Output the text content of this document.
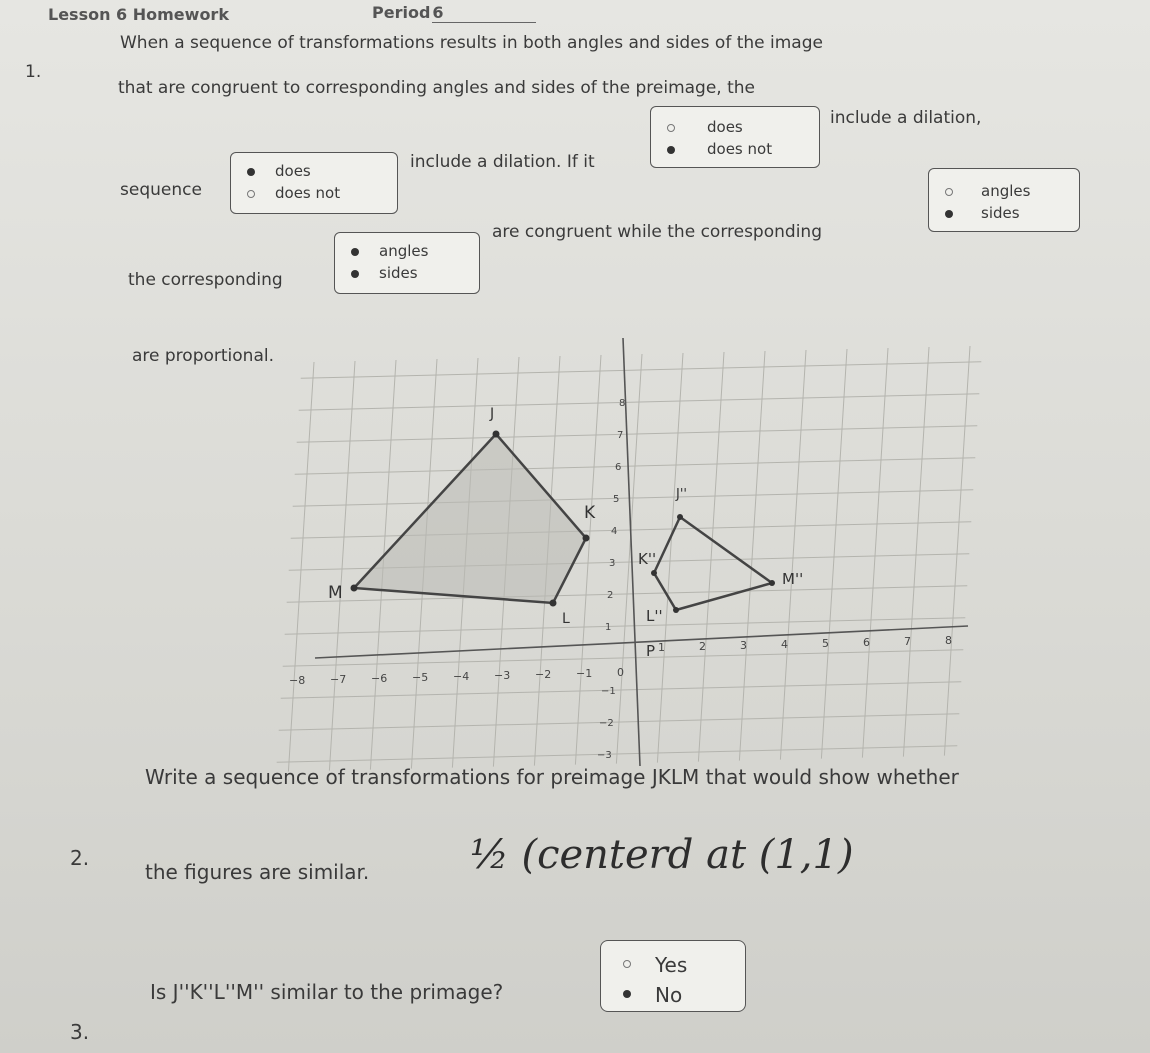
Lesson 6 Homework	Period 6
1.
When a sequence of transformations results in both angles and sides of the image
that are congruent to corresponding angles and sides of the preimage, the
sequence
does
does not
include a dilation. If it
does
does not
include a dilation,
the corresponding
angles
sides
are congruent while the corresponding
angles
sides
are proportional.
−8 −7 −6 −5 −4 −3 −2 −1 0
1	2	3	4	5	6	7	8
−3
−2
−1
1
2
3
4
5
6
7
8
J
K
L
M
J''
K''
L''
M''
P
2.
Write a sequence of transformations for preimage JKLM that would show whether
the figures are similar.	½ (centerd at (1,1)
3.
Is J''K''L''M'' similar to the primage?
Yes
No
